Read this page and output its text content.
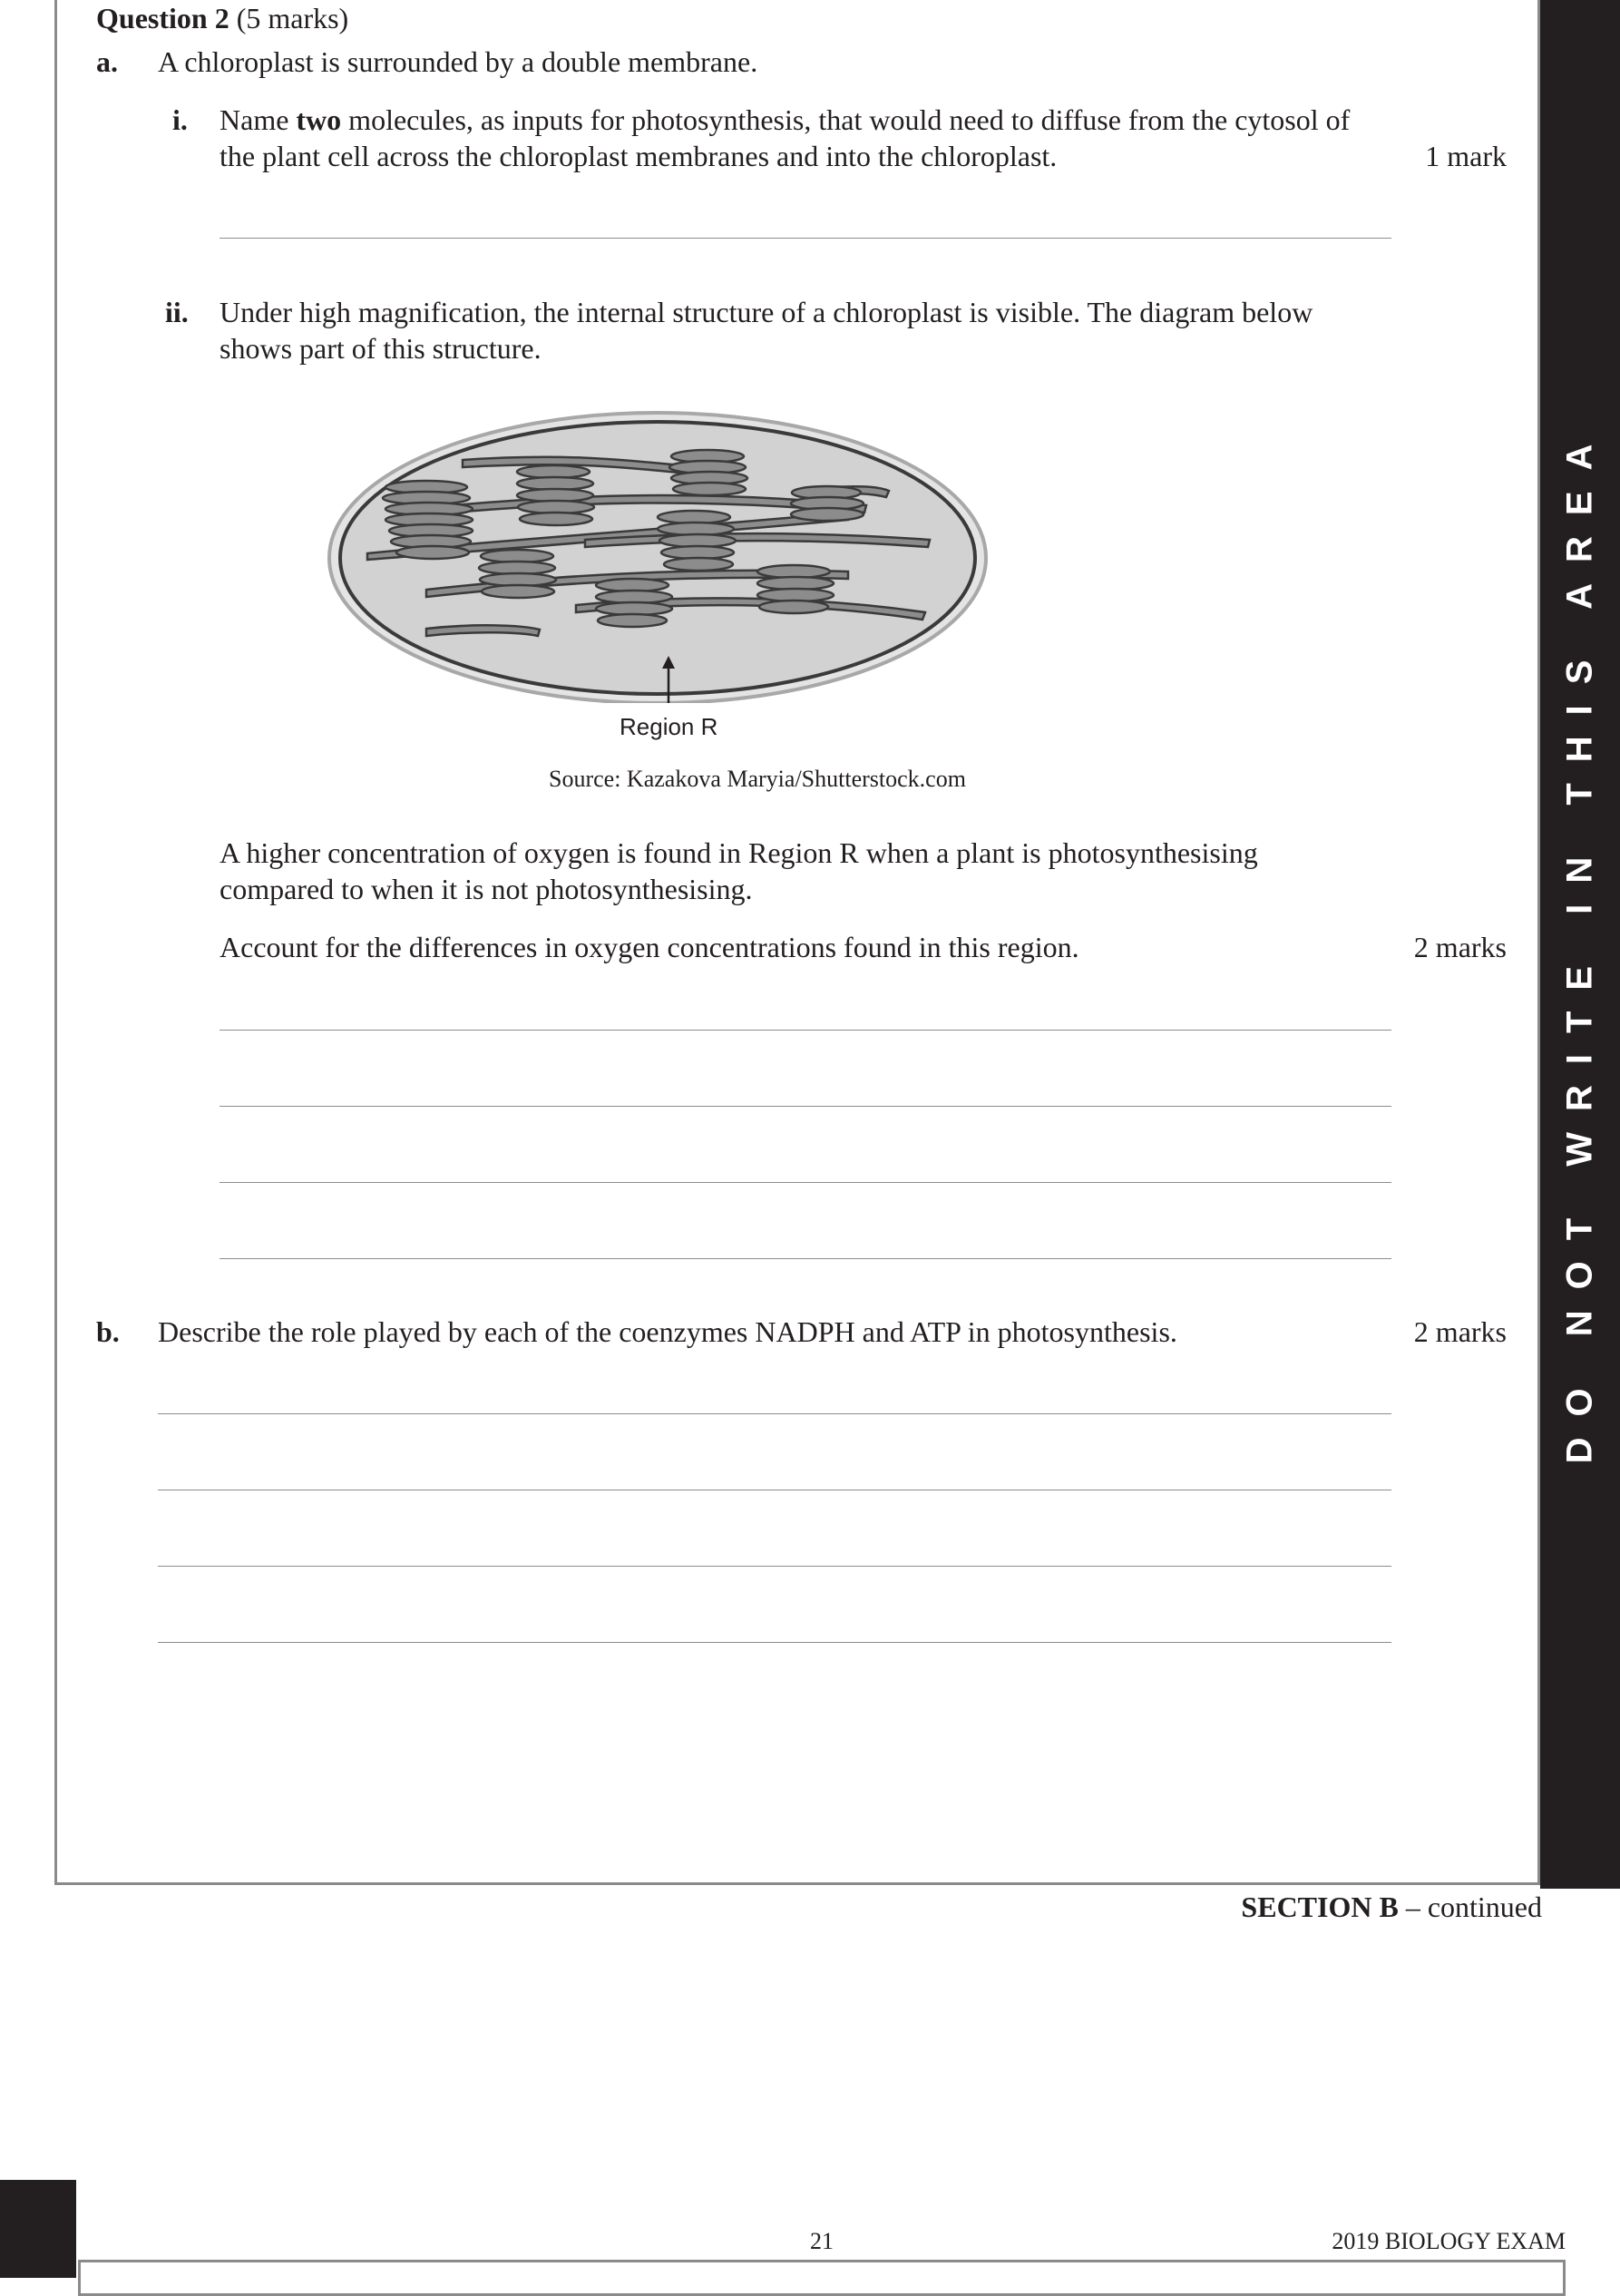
DO NOT WRITE IN THIS AREA
Question 2 (5 marks)
a. A chloroplast is surrounded by a double membrane.
i. Name two molecules, as inputs for photosynthesis, that would need to diffuse from the cytosol of

the plant cell across the chloroplast membranes and into the chloroplast.	1 mark
ii. Under high magnification, the internal structure of a chloroplast is visible. The diagram below

shows part of this structure.

Region R
Source: Kazakova Maryia/Shutterstock.com

A higher concentration of oxygen is found in Region R when a plant is photosynthesising

compared to when it is not photosynthesising.

Account for the differences in oxygen concentrations found in this region.	2 marks
b. Describe the role played by each of the coenzymes NADPH and ATP in photosynthesis.	2 marks
SECTION B – continued
21	2019 BIOLOGY EXAM
